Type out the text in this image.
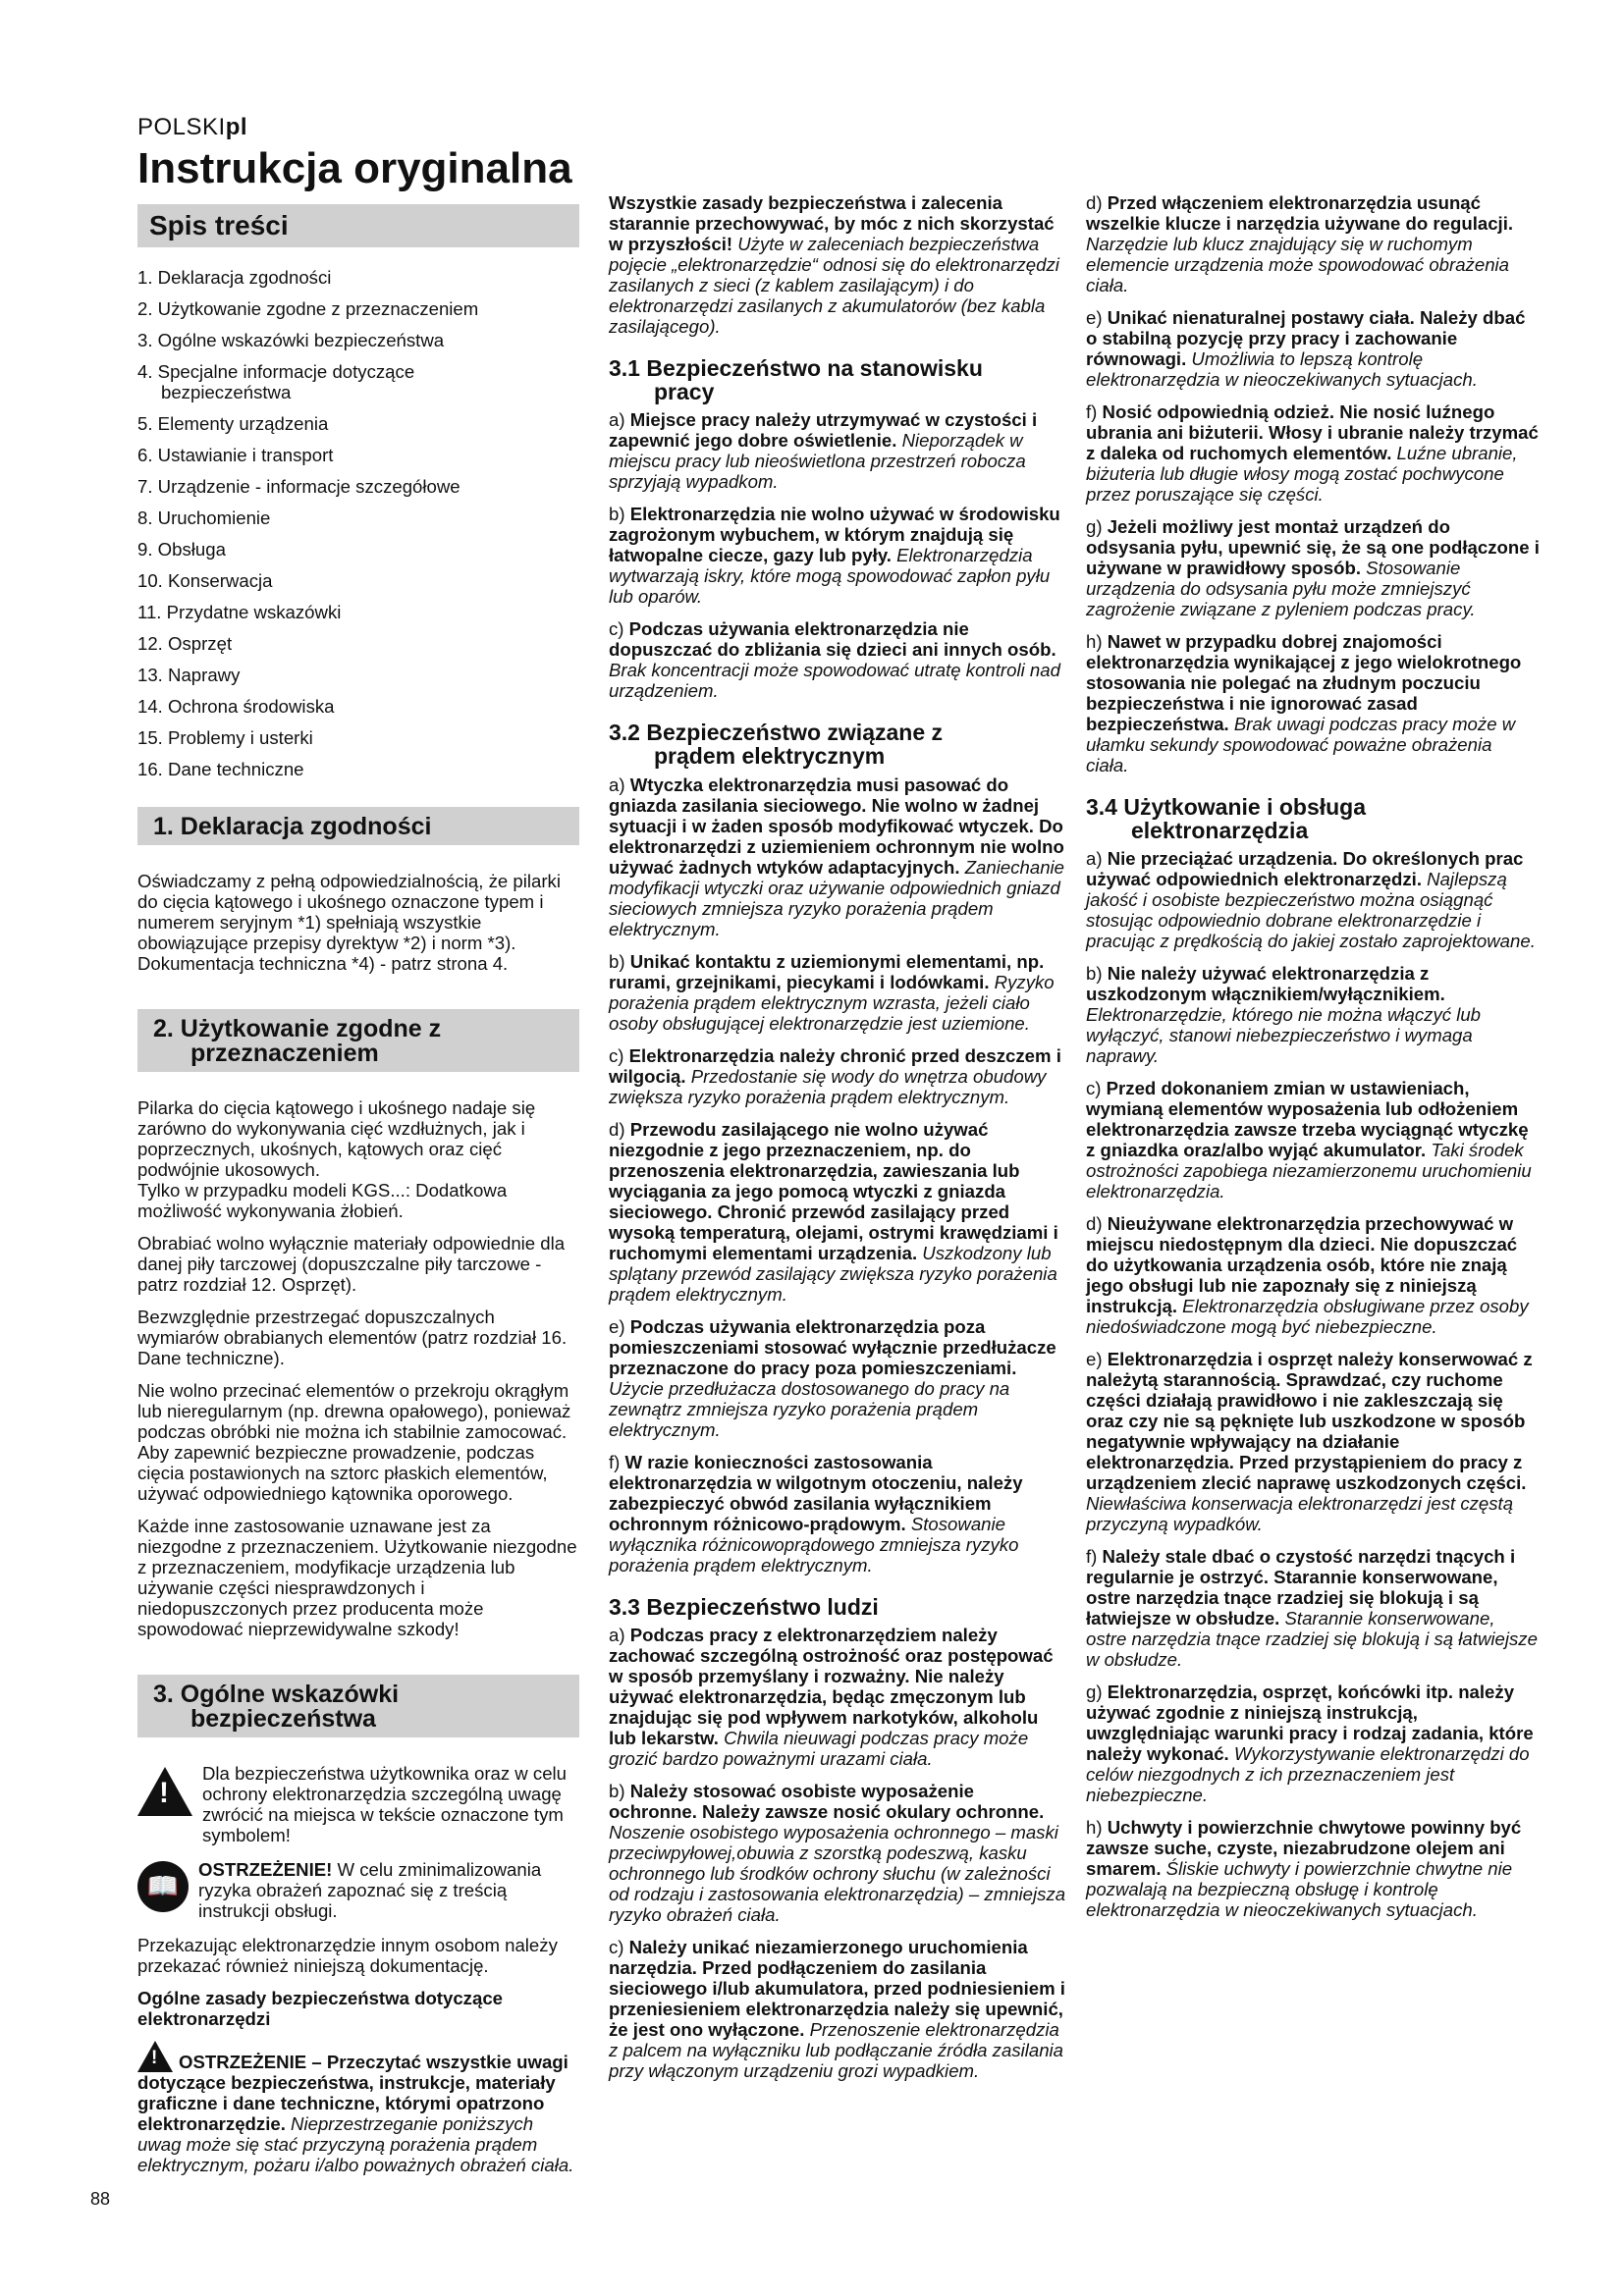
POLSKIpl
Instrukcja oryginalna
Spis treści
1. Deklaracja zgodności
2. Użytkowanie zgodne z przeznaczeniem
3. Ogólne wskazówki bezpieczeństwa
4. Specjalne informacje dotyczące
bezpieczeństwa
5. Elementy urządzenia
6. Ustawianie i transport
7. Urządzenie - informacje szczegółowe
8. Uruchomienie
9. Obsługa
10. Konserwacja
11. Przydatne wskazówki
12. Osprzęt
13. Naprawy
14. Ochrona środowiska
15. Problemy i usterki
16. Dane techniczne
1. Deklaracja zgodności

Oświadczamy z pełną odpowiedzialnością, że pilarki do cięcia kątowego i ukośnego oznaczone typem i numerem seryjnym *1) spełniają wszystkie obowiązujące przepisy dyrektyw *2) i norm *3). Dokumentacja techniczna *4) - patrz strona 4.

2. Użytkowanie zgodne z
przeznaczeniem

Pilarka do cięcia kątowego i ukośnego nadaje się zarówno do wykonywania cięć wzdłużnych, jak i poprzecznych, ukośnych, kątowych oraz cięć podwójnie ukosowych.

Tylko w przypadku modeli KGS...: Dodatkowa możliwość wykonywania żłobień.

Obrabiać wolno wyłącznie materiały odpowiednie dla danej piły tarczowej (dopuszczalne piły tarczowe - patrz rozdział 12. Osprzęt).

Bezwzględnie przestrzegać dopuszczalnych wymiarów obrabianych elementów (patrz rozdział 16. Dane techniczne).

Nie wolno przecinać elementów o przekroju okrągłym lub nieregularnym (np. drewna opałowego), ponieważ podczas obróbki nie można ich stabilnie zamocować. Aby zapewnić bezpieczne prowadzenie, podczas cięcia postawionych na sztorc płaskich elementów, używać odpowiedniego kątownika oporowego.

Każde inne zastosowanie uznawane jest za niezgodne z przeznaczeniem. Użytkowanie niezgodne z przeznaczeniem, modyfikacje urządzenia lub używanie części niesprawdzonych i niedopuszczonych przez producenta może spowodować nieprzewidywalne szkody!

3. Ogólne wskazówki
bezpieczeństwa
!

Dla bezpieczeństwa użytkownika oraz w celu ochrony elektronarzędzia szczególną uwagę zwrócić na miejsca w tekście oznaczone tym symbolem!

📖

OSTRZEŻENIE! W celu zminimalizowania ryzyka obrażeń zapoznać się z treścią instrukcji obsługi.

Przekazując elektronarzędzie innym osobom należy przekazać również niniejszą dokumentację.

Ogólne zasady bezpieczeństwa dotyczące elektronarzędzi

!OSTRZEŻENIE – Przeczytać wszystkie uwagi dotyczące bezpieczeństwa, instrukcje, materiały graficzne i dane techniczne, którymi opatrzono elektronarzędzie. Nieprzestrzeganie poniższych uwag może się stać przyczyną porażenia prądem elektrycznym, pożaru i/albo poważnych obrażeń ciała.

Wszystkie zasady bezpieczeństwa i zalecenia starannie przechowywać, by móc z nich skorzystać w przyszłości! Użyte w zaleceniach bezpieczeństwa pojęcie „elektronarzędzie“ odnosi się do elektronarzędzi zasilanych z sieci (z kablem zasilającym) i do elektronarzędzi zasilanych z akumulatorów (bez kabla zasilającego).

3.1 Bezpieczeństwo na stanowisku
pracy

a) Miejsce pracy należy utrzymywać w czystości i zapewnić jego dobre oświetlenie. Nieporządek w miejscu pracy lub nieoświetlona przestrzeń robocza sprzyjają wypadkom.

b) Elektronarzędzia nie wolno używać w środowisku zagrożonym wybuchem, w którym znajdują się łatwopalne ciecze, gazy lub pyły. Elektronarzędzia wytwarzają iskry, które mogą spowodować zapłon pyłu lub oparów.

c) Podczas używania elektronarzędzia nie dopuszczać do zbliżania się dzieci ani innych osób. Brak koncentracji może spowodować utratę kontroli nad urządzeniem.

3.2 Bezpieczeństwo związane z
prądem elektrycznym

a) Wtyczka elektronarzędzia musi pasować do gniazda zasilania sieciowego. Nie wolno w żadnej sytuacji i w żaden sposób modyfikować wtyczek. Do elektronarzędzi z uziemieniem ochronnym nie wolno używać żadnych wtyków adaptacyjnych. Zaniechanie modyfikacji wtyczki oraz używanie odpowiednich gniazd sieciowych zmniejsza ryzyko porażenia prądem elektrycznym.

b) Unikać kontaktu z uziemionymi elementami, np. rurami, grzejnikami, piecykami i lodówkami. Ryzyko porażenia prądem elektrycznym wzrasta, jeżeli ciało osoby obsługującej elektronarzędzie jest uziemione.

c) Elektronarzędzia należy chronić przed deszczem i wilgocią. Przedostanie się wody do wnętrza obudowy zwiększa ryzyko porażenia prądem elektrycznym.

d) Przewodu zasilającego nie wolno używać niezgodnie z jego przeznaczeniem, np. do przenoszenia elektronarzędzia, zawieszania lub wyciągania za jego pomocą wtyczki z gniazda sieciowego. Chronić przewód zasilający przed wysoką temperaturą, olejami, ostrymi krawędziami i ruchomymi elementami urządzenia. Uszkodzony lub splątany przewód zasilający zwiększa ryzyko porażenia prądem elektrycznym.

e) Podczas używania elektronarzędzia poza pomieszczeniami stosować wyłącznie przedłużacze przeznaczone do pracy poza pomieszczeniami. Użycie przedłużacza dostosowanego do pracy na zewnątrz zmniejsza ryzyko porażenia prądem elektrycznym.

f) W razie konieczności zastosowania elektronarzędzia w wilgotnym otoczeniu, należy zabezpieczyć obwód zasilania wyłącznikiem ochronnym różnicowo-prądowym. Stosowanie wyłącznika różnicowoprądowego zmniejsza ryzyko porażenia prądem elektrycznym.

3.3 Bezpieczeństwo ludzi

a) Podczas pracy z elektronarzędziem należy zachować szczególną ostrożność oraz postępować w sposób przemyślany i rozważny. Nie należy używać elektronarzędzia, będąc zmęczonym lub znajdując się pod wpływem narkotyków, alkoholu lub lekarstw. Chwila nieuwagi podczas pracy może grozić bardzo poważnymi urazami ciała.

b) Należy stosować osobiste wyposażenie ochronne. Należy zawsze nosić okulary ochronne. Noszenie osobistego wyposażenia ochronnego – maski przeciwpyłowej,obuwia z szorstką podeszwą, kasku ochronnego lub środków ochrony słuchu (w zależności od rodzaju i zastosowania elektronarzędzia) – zmniejsza ryzyko obrażeń ciała.

c) Należy unikać niezamierzonego uruchomienia narzędzia. Przed podłączeniem do zasilania sieciowego i/lub akumulatora, przed podniesieniem i przeniesieniem elektronarzędzia należy się upewnić, że jest ono wyłączone. Przenoszenie elektronarzędzia z palcem na wyłączniku lub podłączanie źródła zasilania przy włączonym urządzeniu grozi wypadkiem.

d) Przed włączeniem elektronarzędzia usunąć wszelkie klucze i narzędzia używane do regulacji. Narzędzie lub klucz znajdujący się w ruchomym elemencie urządzenia może spowodować obrażenia ciała.

e) Unikać nienaturalnej postawy ciała. Należy dbać o stabilną pozycję przy pracy i zachowanie równowagi. Umożliwia to lepszą kontrolę elektronarzędzia w nieoczekiwanych sytuacjach.

f) Nosić odpowiednią odzież. Nie nosić luźnego ubrania ani biżuterii. Włosy i ubranie należy trzymać z daleka od ruchomych elementów. Luźne ubranie, biżuteria lub długie włosy mogą zostać pochwycone przez poruszające się części.

g) Jeżeli możliwy jest montaż urządzeń do odsysania pyłu, upewnić się, że są one podłączone i używane w prawidłowy sposób. Stosowanie urządzenia do odsysania pyłu może zmniejszyć zagrożenie związane z pyleniem podczas pracy.

h) Nawet w przypadku dobrej znajomości elektronarzędzia wynikającej z jego wielokrotnego stosowania nie polegać na złudnym poczuciu bezpieczeństwa i nie ignorować zasad bezpieczeństwa. Brak uwagi podczas pracy może w ułamku sekundy spowodować poważne obrażenia ciała.

3.4 Użytkowanie i obsługa
elektronarzędzia

a) Nie przeciążać urządzenia. Do określonych prac używać odpowiednich elektronarzędzi. Najlepszą jakość i osobiste bezpieczeństwo można osiągnąć stosując odpowiednio dobrane elektronarzędzie i pracując z prędkością do jakiej zostało zaprojektowane.

b) Nie należy używać elektronarzędzia z uszkodzonym włącznikiem/wyłącznikiem. Elektronarzędzie, którego nie można włączyć lub wyłączyć, stanowi niebezpieczeństwo i wymaga naprawy.

c) Przed dokonaniem zmian w ustawieniach, wymianą elementów wyposażenia lub odłożeniem elektronarzędzia zawsze trzeba wyciągnąć wtyczkę z gniazdka oraz/albo wyjąć akumulator. Taki środek ostrożności zapobiega niezamierzonemu uruchomieniu elektronarzędzia.

d) Nieużywane elektronarzędzia przechowywać w miejscu niedostępnym dla dzieci. Nie dopuszczać do użytkowania urządzenia osób, które nie znają jego obsługi lub nie zapoznały się z niniejszą instrukcją. Elektronarzędzia obsługiwane przez osoby niedoświadczone mogą być niebezpieczne.

e) Elektronarzędzia i osprzęt należy konserwować z należytą starannością. Sprawdzać, czy ruchome części działają prawidłowo i nie zakleszczają się oraz czy nie są pęknięte lub uszkodzone w sposób negatywnie wpływający na działanie elektronarzędzia. Przed przystąpieniem do pracy z urządzeniem zlecić naprawę uszkodzonych części. Niewłaściwa konserwacja elektronarzędzi jest częstą przyczyną wypadków.

f) Należy stale dbać o czystość narzędzi tnących i regularnie je ostrzyć. Starannie konserwowane, ostre narzędzia tnące rzadziej się blokują i są łatwiejsze w obsłudze. Starannie konserwowane, ostre narzędzia tnące rzadziej się blokują i są łatwiejsze w obsłudze.

g) Elektronarzędzia, osprzęt, końcówki itp. należy używać zgodnie z niniejszą instrukcją, uwzględniając warunki pracy i rodzaj zadania, które należy wykonać. Wykorzystywanie elektronarzędzi do celów niezgodnych z ich przeznaczeniem jest niebezpieczne.

h) Uchwyty i powierzchnie chwytowe powinny być zawsze suche, czyste, niezabrudzone olejem ani smarem. Śliskie uchwyty i powierzchnie chwytne nie pozwalają na bezpieczną obsługę i kontrolę elektronarzędzia w nieoczekiwanych sytuacjach.

88
